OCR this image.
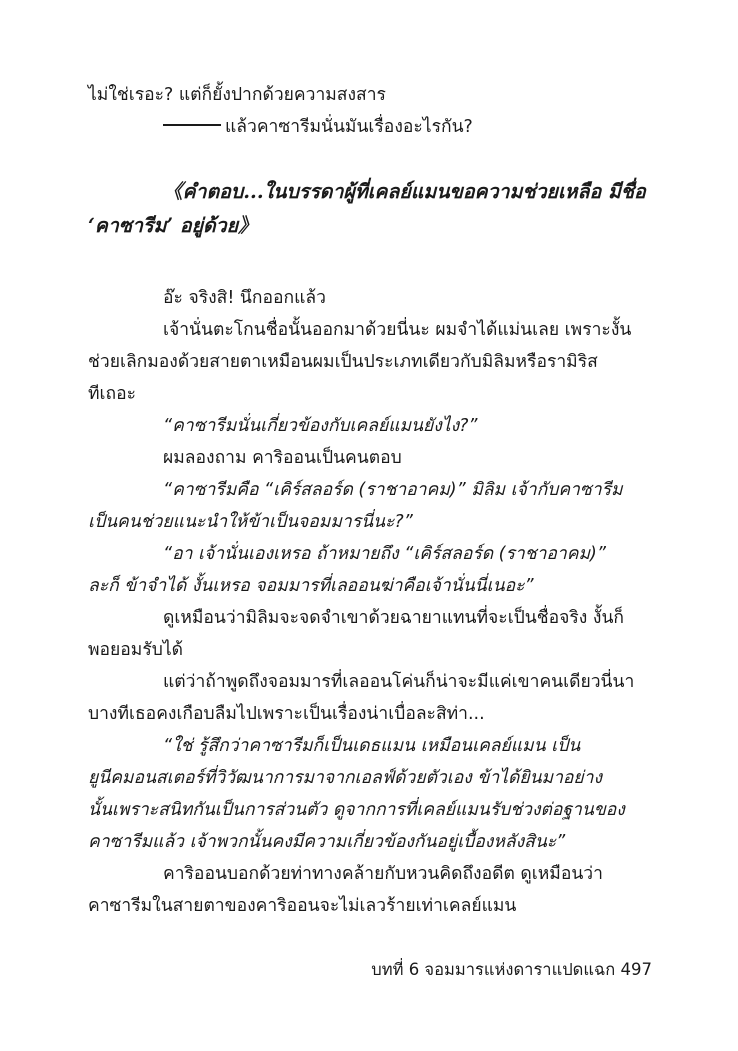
ไม่ใช่เรอะ? แต่ก็ยั้งปากด้วยความสงสาร
แล้วคาซารีมนั่นมันเรื่องอะไรกัน?
《คำตอบ...ในบรรดาผู้ที่เคลย์แมนขอความช่วยเหลือ มีชื่อ
‘คาซารีม’ อยู่ด้วย》
อ๊ะ จริงสิ! นึกออกแล้ว
เจ้านั่นตะโกนชื่อนั้นออกมาด้วยนี่นะ ผมจำได้แม่นเลย เพราะงั้น
ช่วยเลิกมองด้วยสายตาเหมือนผมเป็นประเภทเดียวกับมิลิมหรือรามิริส
ทีเถอะ
“คาซารีมนั่นเกี่ยวข้องกับเคลย์แมนยังไง?”
ผมลองถาม คาริออนเป็นคนตอบ
“คาซารีมคือ “เคิร์สลอร์ด (ราชาอาคม)” มิลิม เจ้ากับคาซารีม
เป็นคนช่วยแนะนำให้ข้าเป็นจอมมารนี่นะ?”
“อา เจ้านั่นเองเหรอ ถ้าหมายถึง “เคิร์สลอร์ด (ราชาอาคม)”
ละก็ ข้าจำได้ งั้นเหรอ จอมมารที่เลออนฆ่าคือเจ้านั่นนี่เนอะ”
ดูเหมือนว่ามิลิมจะจดจำเขาด้วยฉายาแทนที่จะเป็นชื่อจริง งั้นก็
พอยอมรับได้
แต่ว่าถ้าพูดถึงจอมมารที่เลออนโค่นก็น่าจะมีแค่เขาคนเดียวนี่นา
บางทีเธอคงเกือบลืมไปเพราะเป็นเรื่องน่าเบื่อละสิท่า...
“ใช่ รู้สึกว่าคาซารีมก็เป็นเดธแมน เหมือนเคลย์แมน เป็น
ยูนีคมอนสเตอร์ที่วิวัฒนาการมาจากเอลฟ์ด้วยตัวเอง ข้าได้ยินมาอย่าง
นั้นเพราะสนิทกันเป็นการส่วนตัว ดูจากการที่เคลย์แมนรับช่วงต่อฐานของ
คาซารีมแล้ว เจ้าพวกนั้นคงมีความเกี่ยวข้องกันอยู่เบื้องหลังสินะ”
คาริออนบอกด้วยท่าทางคล้ายกับหวนคิดถึงอดีต ดูเหมือนว่า
คาซารีมในสายตาของคาริออนจะไม่เลวร้ายเท่าเคลย์แมน
บทที่ 6 จอมมารแห่งดาราแปดแฉก 497
